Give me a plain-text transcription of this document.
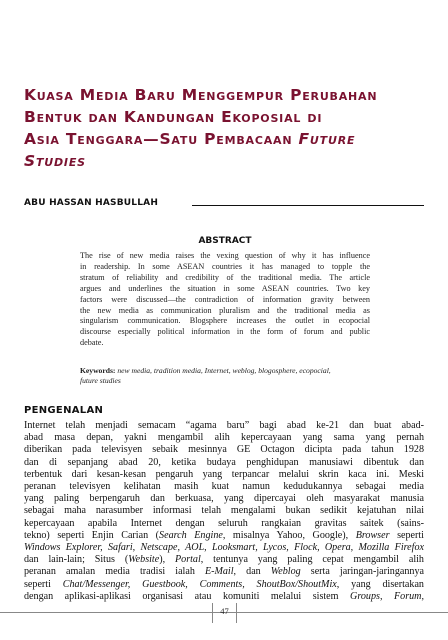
Kuasa Media Baru Menggempur Perubahan
Bentuk dan Kandungan Ekoposial di
Asia Tenggara—Satu Pembacaan Future
Studies
ABU HASSAN HASBULLAH
ABSTRACT
The rise of new media raises the vexing question of why it has influence
in readership. In some ASEAN countries it has managed to topple the
stratum of reliability and credibility of the traditional media. The article
argues and underlines the situation in some ASEAN countries. Two key
factors were discussed—the contradiction of information gravity between
the new media as communication pluralism and the traditional media as
singularism communication. Blogsphere increases the outlet in ecopocial
discourse especially political information in the form of forum and public
debate.
Keywords: new media, tradition media, Internet, weblog, blogosphere, ecopocial,
future studies
PENGENALAN
Internet telah menjadi semacam “agama baru” bagi abad ke-21 dan buat abad-
abad masa depan, yakni mengambil alih kepercayaan yang sama yang pernah
diberikan pada televisyen sebaik mesinnya GE Octagon dicipta pada tahun 1928
dan di sepanjang abad 20, ketika budaya penghidupan manusiawi dibentuk dan
terbentuk dari kesan-kesan pengaruh yang terpancar melalui skrin kaca ini. Meski
peranan televisyen kelihatan masih kuat namun kedudukannya sebagai media
yang paling berpengaruh dan berkuasa, yang dipercayai oleh masyarakat manusia
sebagai maha narasumber informasi telah mengalami bukan sedikit kejatuhan nilai
kepercayaan apabila Internet dengan seluruh rangkaian gravitas saitek (sains-
tekno) seperti Enjin Carian (Search Engine, misalnya Yahoo, Google), Browser seperti
Windows Explorer, Safari, Netscape, AOL, Looksmart, Lycos, Flock, Opera, Mozilla Firefox
dan lain-lain; Situs (Website), Portal, tentunya yang paling cepat mengambil alih
peranan amalan media tradisi ialah E-Mail, dan Weblog serta jaringan-jaringannya
seperti Chat/Messenger, Guestbook, Comments, ShoutBox/ShoutMix, yang disertakan
dengan aplikasi-aplikasi organisasi atau komuniti melalui sistem Groups, Forum,
47
